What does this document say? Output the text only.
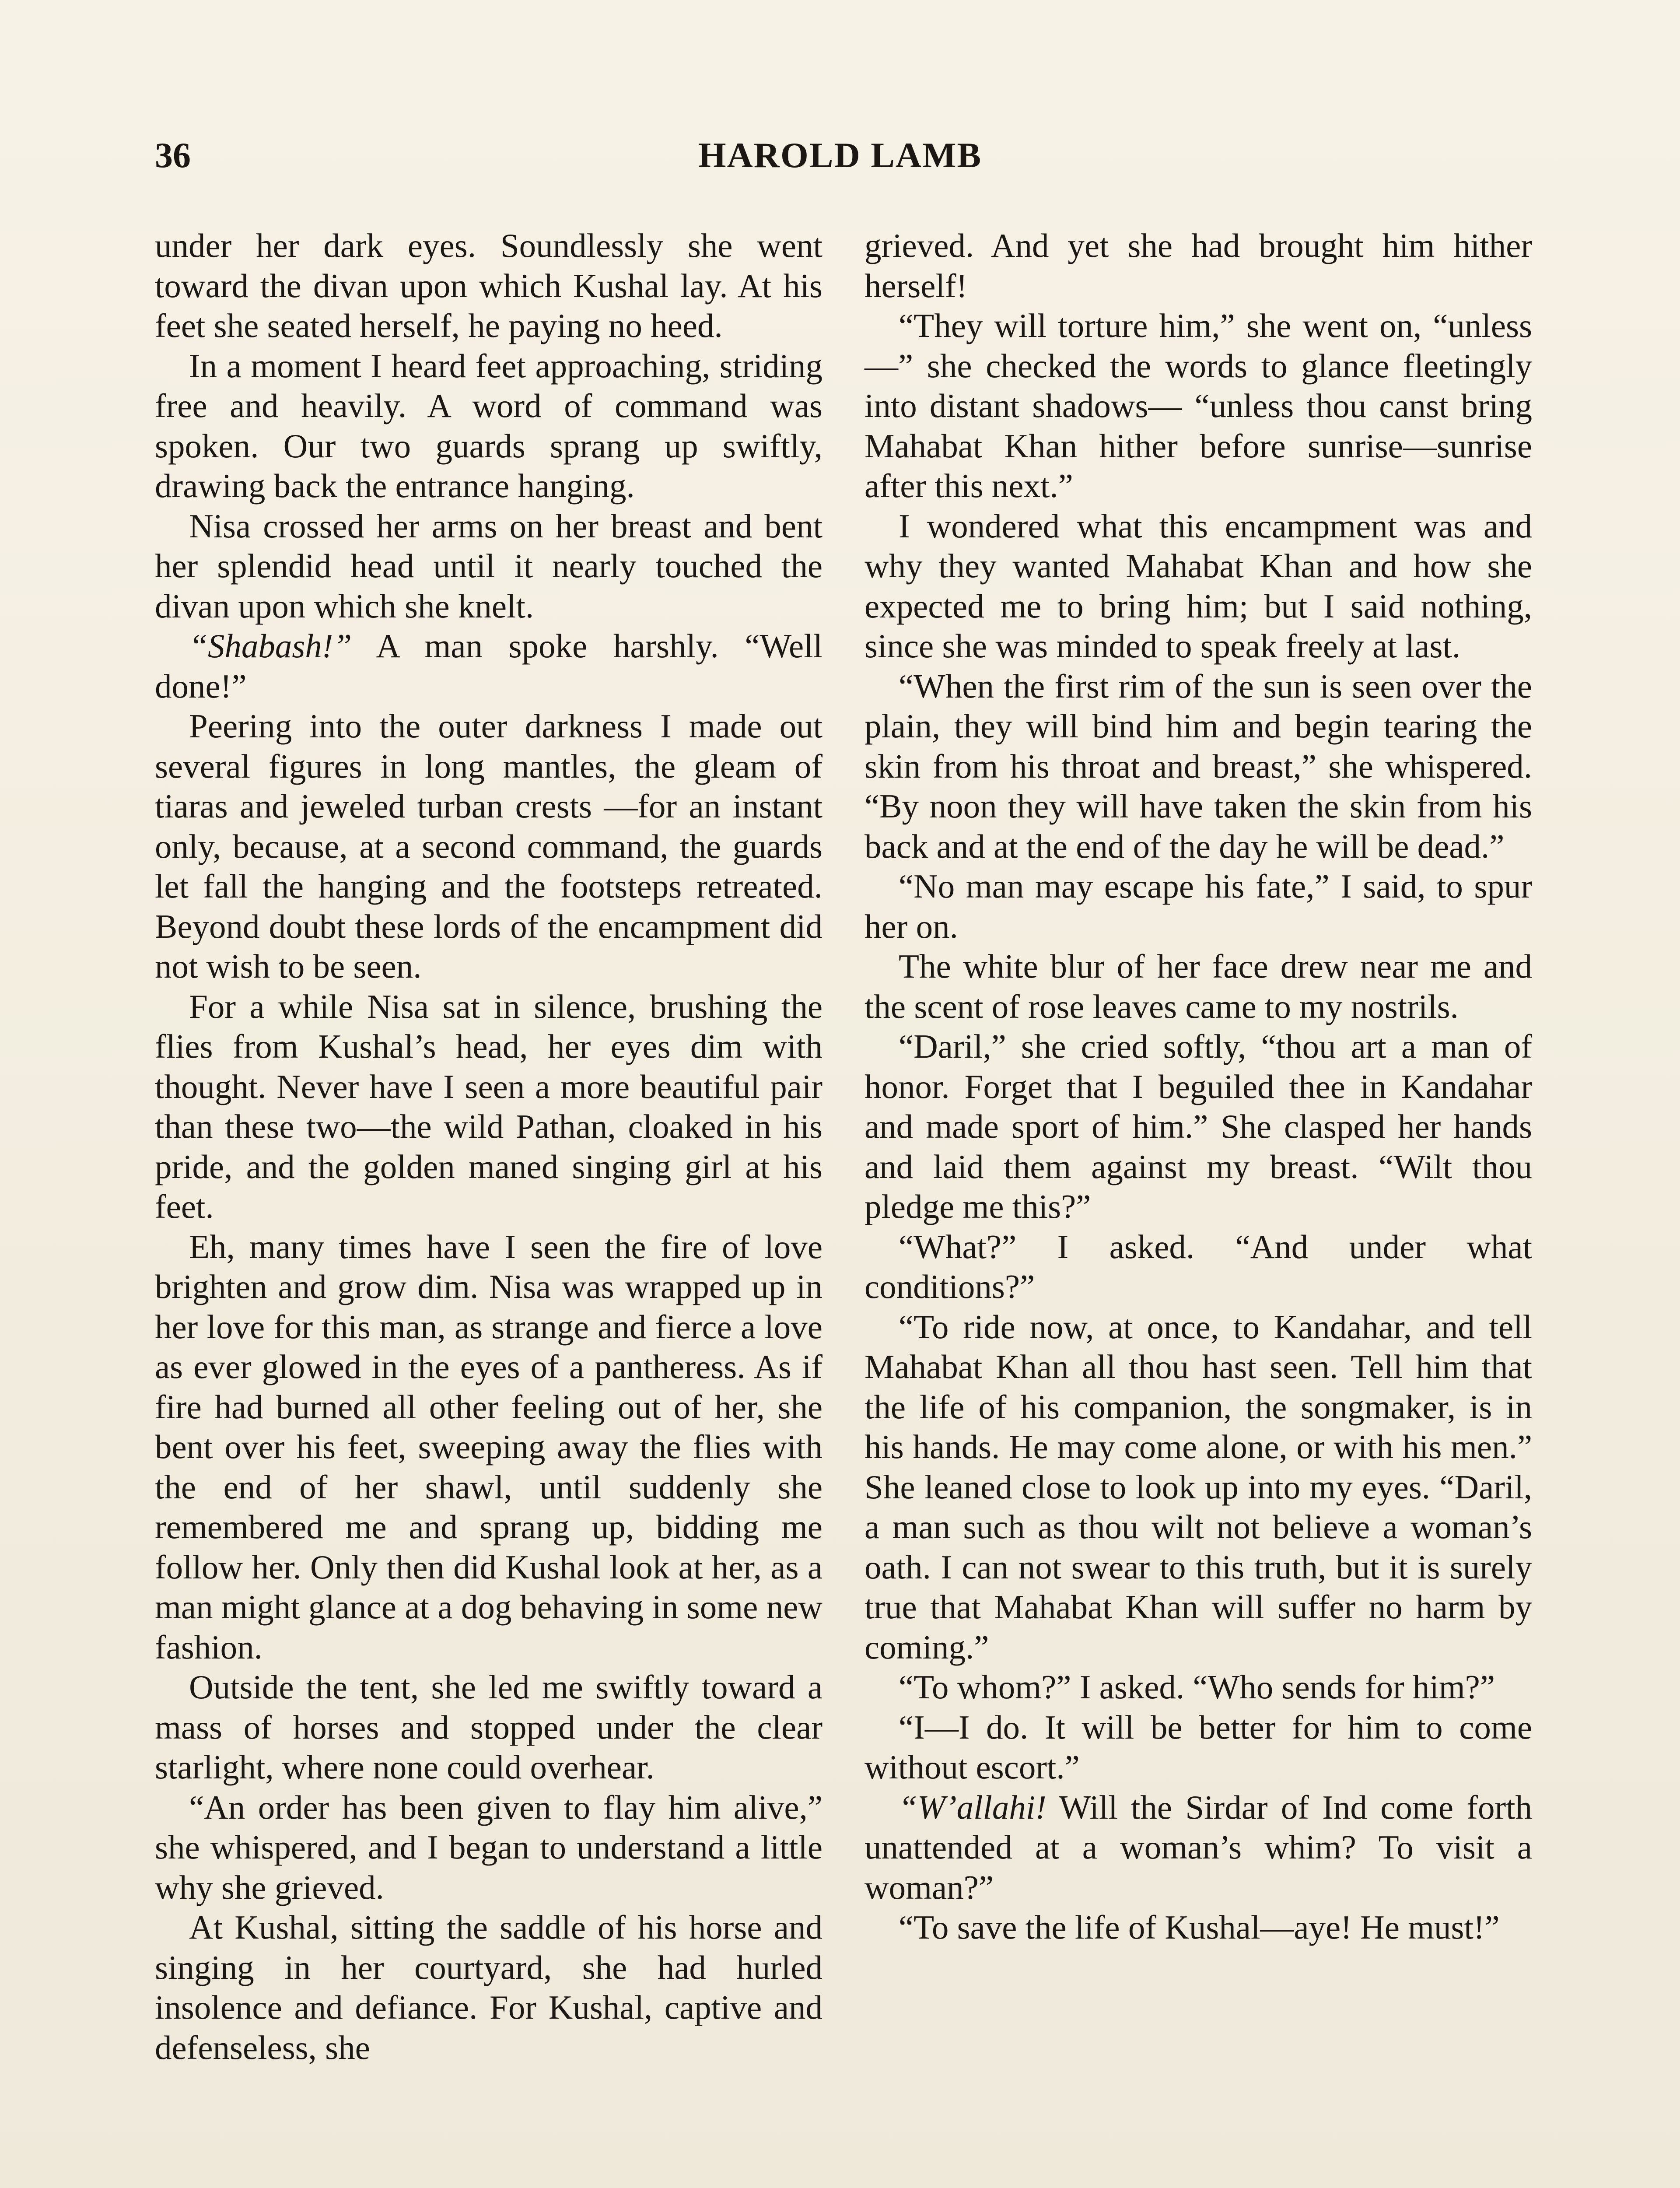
36	HAROLD LAMB

under her dark eyes. Soundlessly she went toward the divan upon which Kushal lay. At his feet she seated herself, he paying no heed.

In a moment I heard feet approaching, striding free and heavily. A word of command was spoken. Our two guards sprang up swiftly, drawing back the entrance hanging.

Nisa crossed her arms on her breast and bent her splendid head until it nearly touched the divan upon which she knelt.

“Shabash!” A man spoke harshly. “Well done!”

Peering into the outer darkness I made out several figures in long mantles, the gleam of tiaras and jeweled turban crests —for an instant only, because, at a second command, the guards let fall the hanging and the footsteps retreated. Beyond doubt these lords of the encampment did not wish to be seen.

For a while Nisa sat in silence, brushing the flies from Kushal’s head, her eyes dim with thought. Never have I seen a more beautiful pair than these two—the wild Pathan, cloaked in his pride, and the golden maned singing girl at his feet.

Eh, many times have I seen the fire of love brighten and grow dim. Nisa was wrapped up in her love for this man, as strange and fierce a love as ever glowed in the eyes of a pantheress. As if fire had burned all other feeling out of her, she bent over his feet, sweeping away the flies with the end of her shawl, until suddenly she remembered me and sprang up, bidding me follow her. Only then did Kushal look at her, as a man might glance at a dog behaving in some new fashion.

Outside the tent, she led me swiftly toward a mass of horses and stopped under the clear starlight, where none could overhear.

“An order has been given to flay him alive,” she whispered, and I began to understand a little why she grieved.

At Kushal, sitting the saddle of his horse and singing in her courtyard, she had hurled insolence and defiance. For Kushal, captive and defenseless, she

grieved. And yet she had brought him hither herself!

“They will torture him,” she went on, “unless—” she checked the words to glance fleetingly into distant shadows— “unless thou canst bring Mahabat Khan hither before sunrise—sunrise after this next.”

I wondered what this encampment was and why they wanted Mahabat Khan and how she expected me to bring him; but I said nothing, since she was minded to speak freely at last.

“When the first rim of the sun is seen over the plain, they will bind him and begin tearing the skin from his throat and breast,” she whispered. “By noon they will have taken the skin from his back and at the end of the day he will be dead.”

“No man may escape his fate,” I said, to spur her on.

The white blur of her face drew near me and the scent of rose leaves came to my nostrils.

“Daril,” she cried softly, “thou art a man of honor. Forget that I beguiled thee in Kandahar and made sport of him.” She clasped her hands and laid them against my breast. “Wilt thou pledge me this?”

“What?” I asked. “And under what conditions?”

“To ride now, at once, to Kandahar, and tell Mahabat Khan all thou hast seen. Tell him that the life of his companion, the songmaker, is in his hands. He may come alone, or with his men.” She leaned close to look up into my eyes. “Daril, a man such as thou wilt not believe a woman’s oath. I can not swear to this truth, but it is surely true that Mahabat Khan will suffer no harm by coming.”

“To whom?” I asked. “Who sends for him?”

“I—I do. It will be better for him to come without escort.”

“W’allahi! Will the Sirdar of Ind come forth unattended at a woman’s whim? To visit a woman?”

“To save the life of Kushal—aye! He must!”
